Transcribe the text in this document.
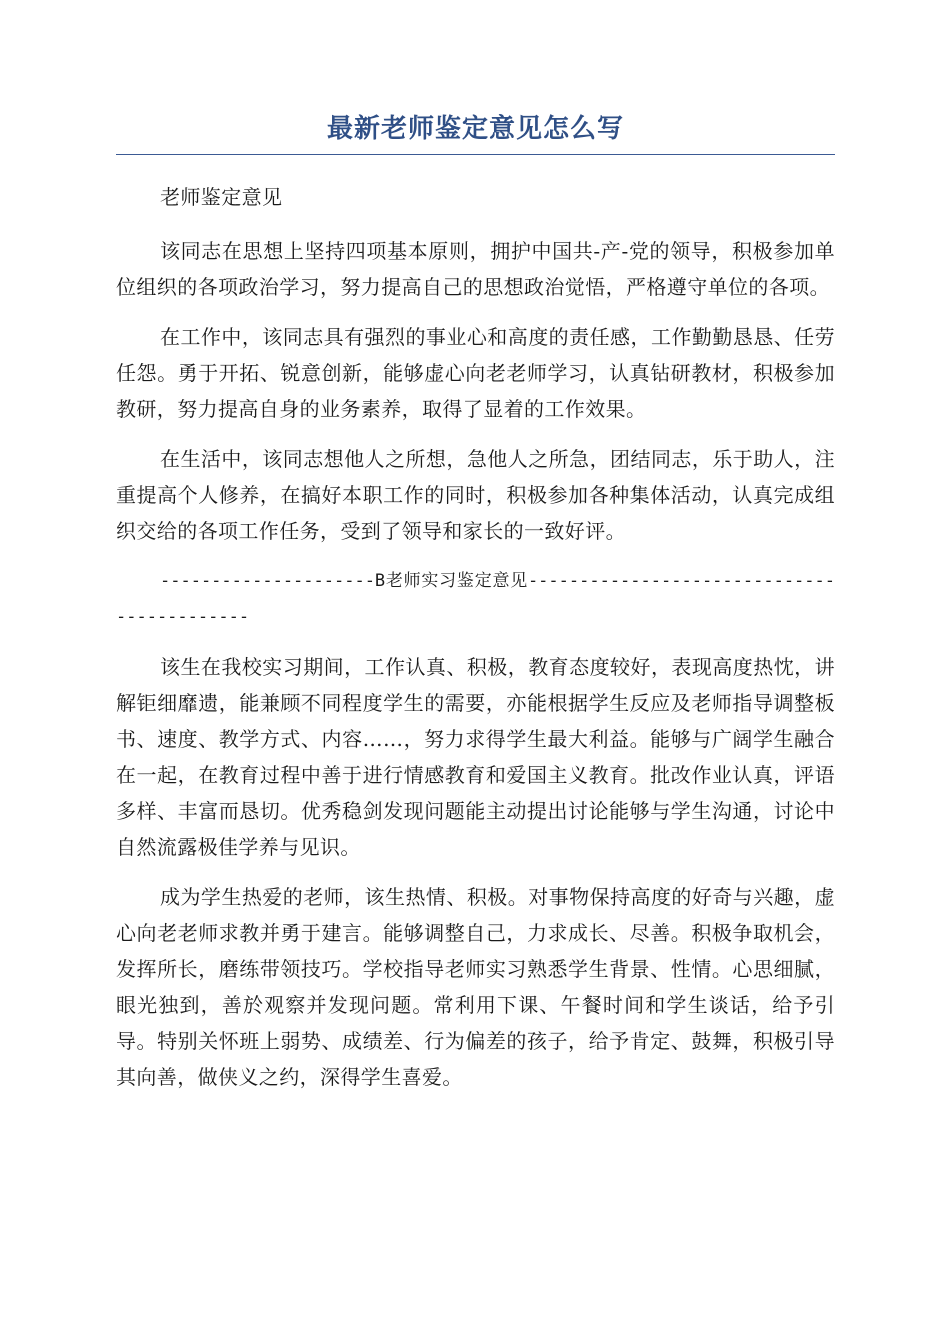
最新老师鉴定意见怎么写

老师鉴定意见

该同志在思想上坚持四项基本原则，拥护中国共-产-党的领导，积极参加单位组织的各项政治学习，努力提高自己的思想政治觉悟，严格遵守单位的各项。

在工作中，该同志具有强烈的事业心和高度的责任感，工作勤勤恳恳、任劳任怨。勇于开拓、锐意创新，能够虚心向老老师学习，认真钻研教材，积极参加教研，努力提高自身的业务素养，取得了显着的工作效果。

在生活中，该同志想他人之所想，急他人之所急，团结同志，乐于助人，注重提高个人修养，在搞好本职工作的同时，积极参加各种集体活动，认真完成组织交给的各项工作任务，受到了领导和家长的一致好评。

---------------------B老师实习鉴定意见-------------------------------------------

该生在我校实习期间，工作认真、积极，教育态度较好，表现高度热忱，讲解钜细靡遗，能兼顾不同程度学生的需要，亦能根据学生反应及老师指导调整板书、速度、教学方式、内容……，努力求得学生最大利益。能够与广阔学生融合在一起，在教育过程中善于进行情感教育和爱国主义教育。批改作业认真，评语多样、丰富而恳切。优秀稳剑发现问题能主动提出讨论能够与学生沟通，讨论中自然流露极佳学养与见识。

成为学生热爱的老师，该生热情、积极。对事物保持高度的好奇与兴趣，虚心向老老师求教并勇于建言。能够调整自己，力求成长、尽善。积极争取机会，发挥所长，磨练带领技巧。学校指导老师实习熟悉学生背景、性情。心思细腻，眼光独到，善於观察并发现问题。常利用下课、午餐时间和学生谈话，给予引导。特别关怀班上弱势、成绩差、行为偏差的孩子，给予肯定、鼓舞，积极引导其向善，做侠义之约，深得学生喜爱。
